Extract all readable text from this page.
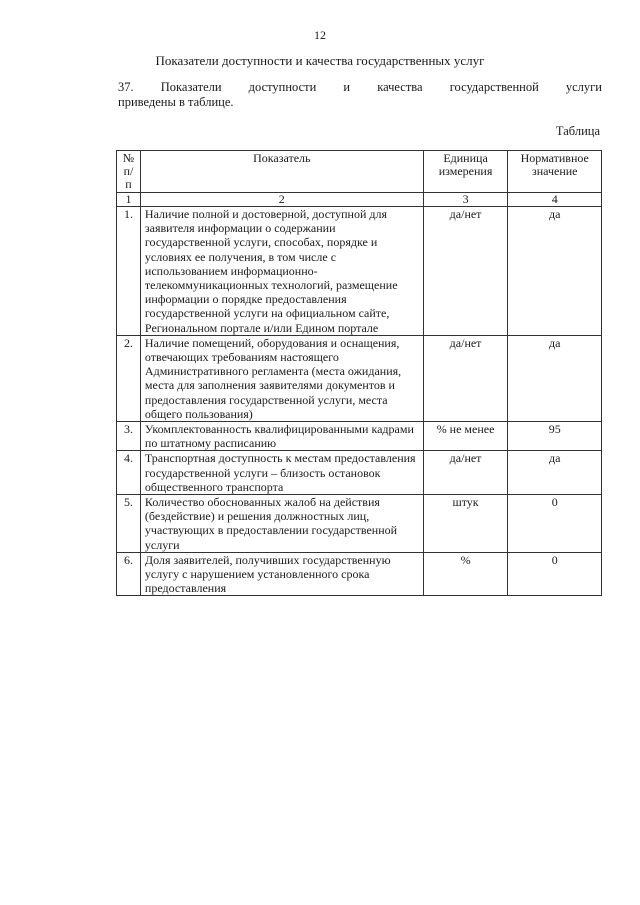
12
Показатели доступности и качества государственных услуг
37. Показатели доступности и качества государственной услуги
приведены в таблице.
Таблица
№ п/п	Показатель	Единица измерения	Нормативное значение
1	2	3	4
1.	Наличие полной и достоверной, доступной для заявителя информации о содержании государственной услуги, способах, порядке и условиях ее получения, в том числе с использованием информационно-телекоммуникационных технологий, размещение информации о порядке предоставления государственной услуги на официальном сайте, Региональном портале и/или Едином портале	да/нет	да
2.	Наличие помещений, оборудования и оснащения, отвечающих требованиям настоящего Административного регламента (места ожидания, места для заполнения заявителями документов и предоставления государственной услуги, места общего пользования)	да/нет	да
3.	Укомплектованность квалифицированными кадрами по штатному расписанию	% не менее	95
4.	Транспортная доступность к местам предоставления государственной услуги – близость остановок общественного транспорта	да/нет	да
5.	Количество обоснованных жалоб на действия (бездействие) и решения должностных лиц, участвующих в предоставлении государственной услуги	штук	0
6.	Доля заявителей, получивших государственную услугу с нарушением установленного срока предоставления	%	0
